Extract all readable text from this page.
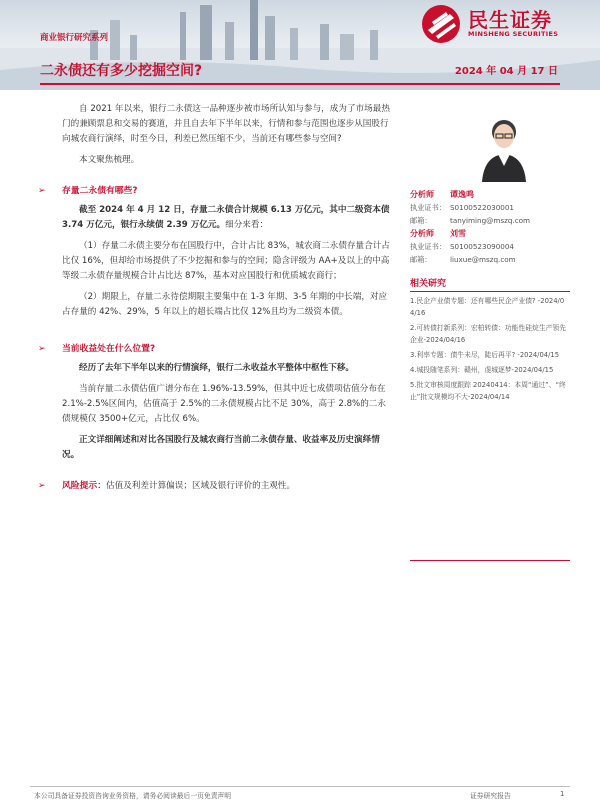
商业银行研究系列
二永债还有多少挖掘空间?	2024 年 04 月 17 日
民生证券
MINSHENG SECURITIES

自 2021 年以来，银行二永债这一品种逐步被市场所认知与参与，成为了市场最热门的兼顾票息和交易的赛道，并且自去年下半年以来，行情和参与范围也逐步从国股行向城农商行演绎，时至今日，利差已然压缩不少，当前还有哪些参与空间?

本文聚焦梳理。

➢ 存量二永债有哪些?

截至 2024 年 4 月 12 日，存量二永债合计规模 6.13 万亿元，其中二级资本债 3.74 万亿元，银行永续债 2.39 万亿元。细分来看：

（1）存量二永债主要分布在国股行中，合计占比 83%，城农商二永债存量合计占比仅 16%，但却给市场提供了不少挖掘和参与的空间；隐含评级为 AA+及以上的中高等级二永债存量规模合计占比达 87%，基本对应国股行和优质城农商行；

（2）期限上，存量二永待偿期限主要集中在 1-3 年期、3-5 年期的中长端，对应占存量的 42%、29%，5 年以上的超长端占比仅 12%且均为二级资本债。

➢ 当前收益处在什么位置?

经历了去年下半年以来的行情演绎，银行二永收益水平整体中枢性下移。

当前存量二永债估值广谱分布在 1.96%-13.59%，但其中近七成债项估值分布在 2.1%-2.5%区间内，估值高于 2.5%的二永债规模占比不足 30%，高于 2.8%的二永债规模仅 3500+亿元，占比仅 6%。

正文详细阐述和对比各国股行及城农商行当前二永债存量、收益率及历史演绎情况。

➢ 风险提示：估值及利差计算偏误；区域及银行评价的主观性。
分析师 谭逸鸣
执业证书： S0100522030001
邮箱：	tanyiming@mszq.com
分析师 刘雪
执业证书： S0100523090004
邮箱：	liuxue@mszq.com
相关研究
1.民企产业债专题：还有哪些民企产业债? -2024/04/16
2.可转债打新系列：宏柏转债：功能性硅烷生产领先企业-2024/04/16
3.利率专题：债牛未尽，陡后再平? -2024/04/15
4.城投随笔系列：赣州，虔城逐梦-2024/04/15
5.批文审核周度跟踪 20240414：本周“通过”、“终止”批文规模均不大-2024/04/14
本公司具备证券投资咨询业务资格，请务必阅读最后一页免责声明	证券研究报告	1
